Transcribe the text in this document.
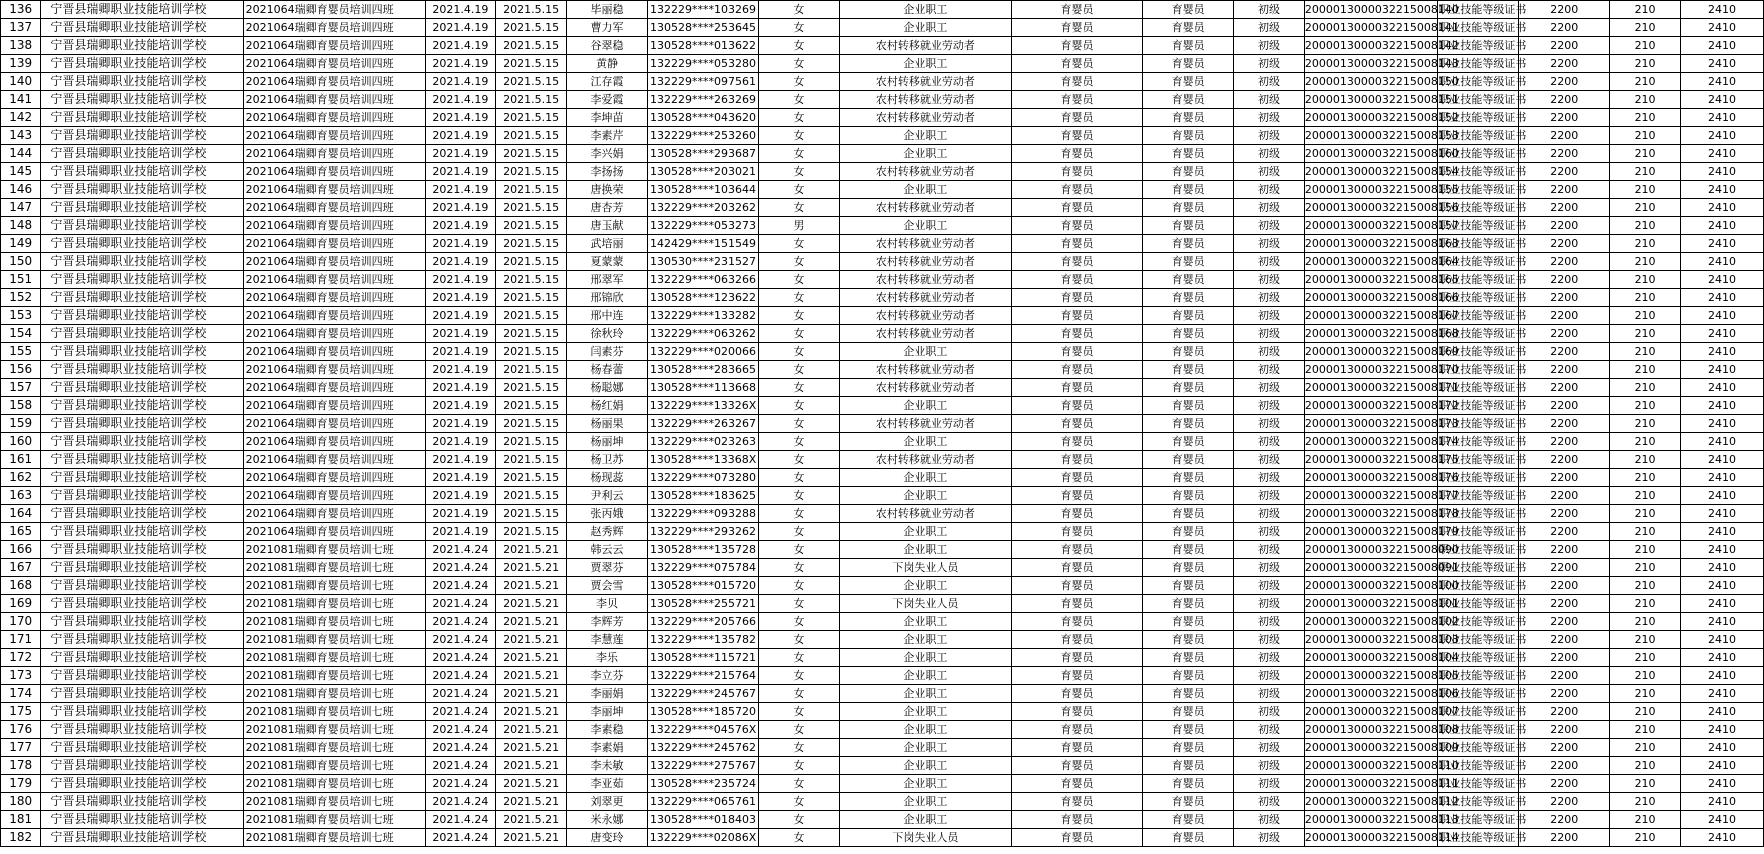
136	宁晋县瑞卿职业技能培训学校	2021064瑞卿育婴员培训四班	2021.4.19	2021.5.15	毕丽稳	132229****103269	女	企业职工	育婴员	育婴员	初级	2000013000032215008140	职业技能等级证书	2200	210	2410
137	宁晋县瑞卿职业技能培训学校	2021064瑞卿育婴员培训四班	2021.4.19	2021.5.15	曹力军	130528****253645	女	企业职工	育婴员	育婴员	初级	2000013000032215008141	职业技能等级证书	2200	210	2410
138	宁晋县瑞卿职业技能培训学校	2021064瑞卿育婴员培训四班	2021.4.19	2021.5.15	谷翠稳	130528****013622	女	农村转移就业劳动者	育婴员	育婴员	初级	2000013000032215008142	职业技能等级证书	2200	210	2410
139	宁晋县瑞卿职业技能培训学校	2021064瑞卿育婴员培训四班	2021.4.19	2021.5.15	黄静	132229****053280	女	企业职工	育婴员	育婴员	初级	2000013000032215008143	职业技能等级证书	2200	210	2410
140	宁晋县瑞卿职业技能培训学校	2021064瑞卿育婴员培训四班	2021.4.19	2021.5.15	江存霞	132229****097561	女	农村转移就业劳动者	育婴员	育婴员	初级	2000013000032215008150	职业技能等级证书	2200	210	2410
141	宁晋县瑞卿职业技能培训学校	2021064瑞卿育婴员培训四班	2021.4.19	2021.5.15	李爱霞	132229****263269	女	农村转移就业劳动者	育婴员	育婴员	初级	2000013000032215008151	职业技能等级证书	2200	210	2410
142	宁晋县瑞卿职业技能培训学校	2021064瑞卿育婴员培训四班	2021.4.19	2021.5.15	李坤苗	130528****043620	女	农村转移就业劳动者	育婴员	育婴员	初级	2000013000032215008152	职业技能等级证书	2200	210	2410
143	宁晋县瑞卿职业技能培训学校	2021064瑞卿育婴员培训四班	2021.4.19	2021.5.15	李素芹	132229****253260	女	企业职工	育婴员	育婴员	初级	2000013000032215008153	职业技能等级证书	2200	210	2410
144	宁晋县瑞卿职业技能培训学校	2021064瑞卿育婴员培训四班	2021.4.19	2021.5.15	李兴娟	130528****293687	女	企业职工	育婴员	育婴员	初级	2000013000032215008160	职业技能等级证书	2200	210	2410
145	宁晋县瑞卿职业技能培训学校	2021064瑞卿育婴员培训四班	2021.4.19	2021.5.15	李扬扬	130528****203021	女	农村转移就业劳动者	育婴员	育婴员	初级	2000013000032215008154	职业技能等级证书	2200	210	2410
146	宁晋县瑞卿职业技能培训学校	2021064瑞卿育婴员培训四班	2021.4.19	2021.5.15	唐换荣	130528****103644	女	企业职工	育婴员	育婴员	初级	2000013000032215008155	职业技能等级证书	2200	210	2410
147	宁晋县瑞卿职业技能培训学校	2021064瑞卿育婴员培训四班	2021.4.19	2021.5.15	唐杏芳	132229****203262	女	农村转移就业劳动者	育婴员	育婴员	初级	2000013000032215008156	职业技能等级证书	2200	210	2410
148	宁晋县瑞卿职业技能培训学校	2021064瑞卿育婴员培训四班	2021.4.19	2021.5.15	唐玉献	132229****053273	男	企业职工	育婴员	育婴员	初级	2000013000032215008157	职业技能等级证书	2200	210	2410
149	宁晋县瑞卿职业技能培训学校	2021064瑞卿育婴员培训四班	2021.4.19	2021.5.15	武培丽	142429****151549	女	农村转移就业劳动者	育婴员	育婴员	初级	2000013000032215008163	职业技能等级证书	2200	210	2410
150	宁晋县瑞卿职业技能培训学校	2021064瑞卿育婴员培训四班	2021.4.19	2021.5.15	夏蒙蒙	130530****231527	女	农村转移就业劳动者	育婴员	育婴员	初级	2000013000032215008164	职业技能等级证书	2200	210	2410
151	宁晋县瑞卿职业技能培训学校	2021064瑞卿育婴员培训四班	2021.4.19	2021.5.15	邢翠军	132229****063266	女	农村转移就业劳动者	育婴员	育婴员	初级	2000013000032215008165	职业技能等级证书	2200	210	2410
152	宁晋县瑞卿职业技能培训学校	2021064瑞卿育婴员培训四班	2021.4.19	2021.5.15	邢锦欣	130528****123622	女	农村转移就业劳动者	育婴员	育婴员	初级	2000013000032215008166	职业技能等级证书	2200	210	2410
153	宁晋县瑞卿职业技能培训学校	2021064瑞卿育婴员培训四班	2021.4.19	2021.5.15	邢中连	132229****133282	女	农村转移就业劳动者	育婴员	育婴员	初级	2000013000032215008167	职业技能等级证书	2200	210	2410
154	宁晋县瑞卿职业技能培训学校	2021064瑞卿育婴员培训四班	2021.4.19	2021.5.15	徐秋玲	132229****063262	女	农村转移就业劳动者	育婴员	育婴员	初级	2000013000032215008168	职业技能等级证书	2200	210	2410
155	宁晋县瑞卿职业技能培训学校	2021064瑞卿育婴员培训四班	2021.4.19	2021.5.15	闫素芬	132229****020066	女	企业职工	育婴员	育婴员	初级	2000013000032215008169	职业技能等级证书	2200	210	2410
156	宁晋县瑞卿职业技能培训学校	2021064瑞卿育婴员培训四班	2021.4.19	2021.5.15	杨春蕾	130528****283665	女	农村转移就业劳动者	育婴员	育婴员	初级	2000013000032215008170	职业技能等级证书	2200	210	2410
157	宁晋县瑞卿职业技能培训学校	2021064瑞卿育婴员培训四班	2021.4.19	2021.5.15	杨聪娜	130528****113668	女	农村转移就业劳动者	育婴员	育婴员	初级	2000013000032215008171	职业技能等级证书	2200	210	2410
158	宁晋县瑞卿职业技能培训学校	2021064瑞卿育婴员培训四班	2021.4.19	2021.5.15	杨红娟	132229****13326X	女	企业职工	育婴员	育婴员	初级	2000013000032215008172	职业技能等级证书	2200	210	2410
159	宁晋县瑞卿职业技能培训学校	2021064瑞卿育婴员培训四班	2021.4.19	2021.5.15	杨丽果	132229****263267	女	农村转移就业劳动者	育婴员	育婴员	初级	2000013000032215008173	职业技能等级证书	2200	210	2410
160	宁晋县瑞卿职业技能培训学校	2021064瑞卿育婴员培训四班	2021.4.19	2021.5.15	杨丽坤	132229****023263	女	企业职工	育婴员	育婴员	初级	2000013000032215008174	职业技能等级证书	2200	210	2410
161	宁晋县瑞卿职业技能培训学校	2021064瑞卿育婴员培训四班	2021.4.19	2021.5.15	杨卫苏	130528****13368X	女	农村转移就业劳动者	育婴员	育婴员	初级	2000013000032215008175	职业技能等级证书	2200	210	2410
162	宁晋县瑞卿职业技能培训学校	2021064瑞卿育婴员培训四班	2021.4.19	2021.5.15	杨现蕊	132229****073280	女	企业职工	育婴员	育婴员	初级	2000013000032215008176	职业技能等级证书	2200	210	2410
163	宁晋县瑞卿职业技能培训学校	2021064瑞卿育婴员培训四班	2021.4.19	2021.5.15	尹利云	130528****183625	女	企业职工	育婴员	育婴员	初级	2000013000032215008177	职业技能等级证书	2200	210	2410
164	宁晋县瑞卿职业技能培训学校	2021064瑞卿育婴员培训四班	2021.4.19	2021.5.15	张丙娥	132229****093288	女	农村转移就业劳动者	育婴员	育婴员	初级	2000013000032215008178	职业技能等级证书	2200	210	2410
165	宁晋县瑞卿职业技能培训学校	2021064瑞卿育婴员培训四班	2021.4.19	2021.5.15	赵秀辉	132229****293262	女	企业职工	育婴员	育婴员	初级	2000013000032215008179	职业技能等级证书	2200	210	2410
166	宁晋县瑞卿职业技能培训学校	2021081瑞卿育婴员培训七班	2021.4.24	2021.5.21	韩云云	130528****135728	女	企业职工	育婴员	育婴员	初级	2000013000032215008090	职业技能等级证书	2200	210	2410
167	宁晋县瑞卿职业技能培训学校	2021081瑞卿育婴员培训七班	2021.4.24	2021.5.21	贾翠芬	132229****075784	女	下岗失业人员	育婴员	育婴员	初级	2000013000032215008091	职业技能等级证书	2200	210	2410
168	宁晋县瑞卿职业技能培训学校	2021081瑞卿育婴员培训七班	2021.4.24	2021.5.21	贾会雪	130528****015720	女	企业职工	育婴员	育婴员	初级	2000013000032215008100	职业技能等级证书	2200	210	2410
169	宁晋县瑞卿职业技能培训学校	2021081瑞卿育婴员培训七班	2021.4.24	2021.5.21	李贝	130528****255721	女	下岗失业人员	育婴员	育婴员	初级	2000013000032215008101	职业技能等级证书	2200	210	2410
170	宁晋县瑞卿职业技能培训学校	2021081瑞卿育婴员培训七班	2021.4.24	2021.5.21	李辉芳	132229****205766	女	企业职工	育婴员	育婴员	初级	2000013000032215008102	职业技能等级证书	2200	210	2410
171	宁晋县瑞卿职业技能培训学校	2021081瑞卿育婴员培训七班	2021.4.24	2021.5.21	李慧莲	132229****135782	女	企业职工	育婴员	育婴员	初级	2000013000032215008103	职业技能等级证书	2200	210	2410
172	宁晋县瑞卿职业技能培训学校	2021081瑞卿育婴员培训七班	2021.4.24	2021.5.21	李乐	130528****115721	女	企业职工	育婴员	育婴员	初级	2000013000032215008104	职业技能等级证书	2200	210	2410
173	宁晋县瑞卿职业技能培训学校	2021081瑞卿育婴员培训七班	2021.4.24	2021.5.21	李立芬	132229****215764	女	企业职工	育婴员	育婴员	初级	2000013000032215008105	职业技能等级证书	2200	210	2410
174	宁晋县瑞卿职业技能培训学校	2021081瑞卿育婴员培训七班	2021.4.24	2021.5.21	李丽娟	132229****245767	女	企业职工	育婴员	育婴员	初级	2000013000032215008106	职业技能等级证书	2200	210	2410
175	宁晋县瑞卿职业技能培训学校	2021081瑞卿育婴员培训七班	2021.4.24	2021.5.21	李丽坤	130528****185720	女	企业职工	育婴员	育婴员	初级	2000013000032215008107	职业技能等级证书	2200	210	2410
176	宁晋县瑞卿职业技能培训学校	2021081瑞卿育婴员培训七班	2021.4.24	2021.5.21	李素稳	132229****04576X	女	企业职工	育婴员	育婴员	初级	2000013000032215008108	职业技能等级证书	2200	210	2410
177	宁晋县瑞卿职业技能培训学校	2021081瑞卿育婴员培训七班	2021.4.24	2021.5.21	李素娟	132229****245762	女	企业职工	育婴员	育婴员	初级	2000013000032215008109	职业技能等级证书	2200	210	2410
178	宁晋县瑞卿职业技能培训学校	2021081瑞卿育婴员培训七班	2021.4.24	2021.5.21	李未敏	132229****275767	女	企业职工	育婴员	育婴员	初级	2000013000032215008110	职业技能等级证书	2200	210	2410
179	宁晋县瑞卿职业技能培训学校	2021081瑞卿育婴员培训七班	2021.4.24	2021.5.21	李亚茹	130528****235724	女	企业职工	育婴员	育婴员	初级	2000013000032215008111	职业技能等级证书	2200	210	2410
180	宁晋县瑞卿职业技能培训学校	2021081瑞卿育婴员培训七班	2021.4.24	2021.5.21	刘翠更	132229****065761	女	企业职工	育婴员	育婴员	初级	2000013000032215008112	职业技能等级证书	2200	210	2410
181	宁晋县瑞卿职业技能培训学校	2021081瑞卿育婴员培训七班	2021.4.24	2021.5.21	米永娜	130528****018403	女	企业职工	育婴员	育婴员	初级	2000013000032215008113	职业技能等级证书	2200	210	2410
182	宁晋县瑞卿职业技能培训学校	2021081瑞卿育婴员培训七班	2021.4.24	2021.5.21	唐变玲	132229****02086X	女	下岗失业人员	育婴员	育婴员	初级	2000013000032215008114	职业技能等级证书	2200	210	2410
